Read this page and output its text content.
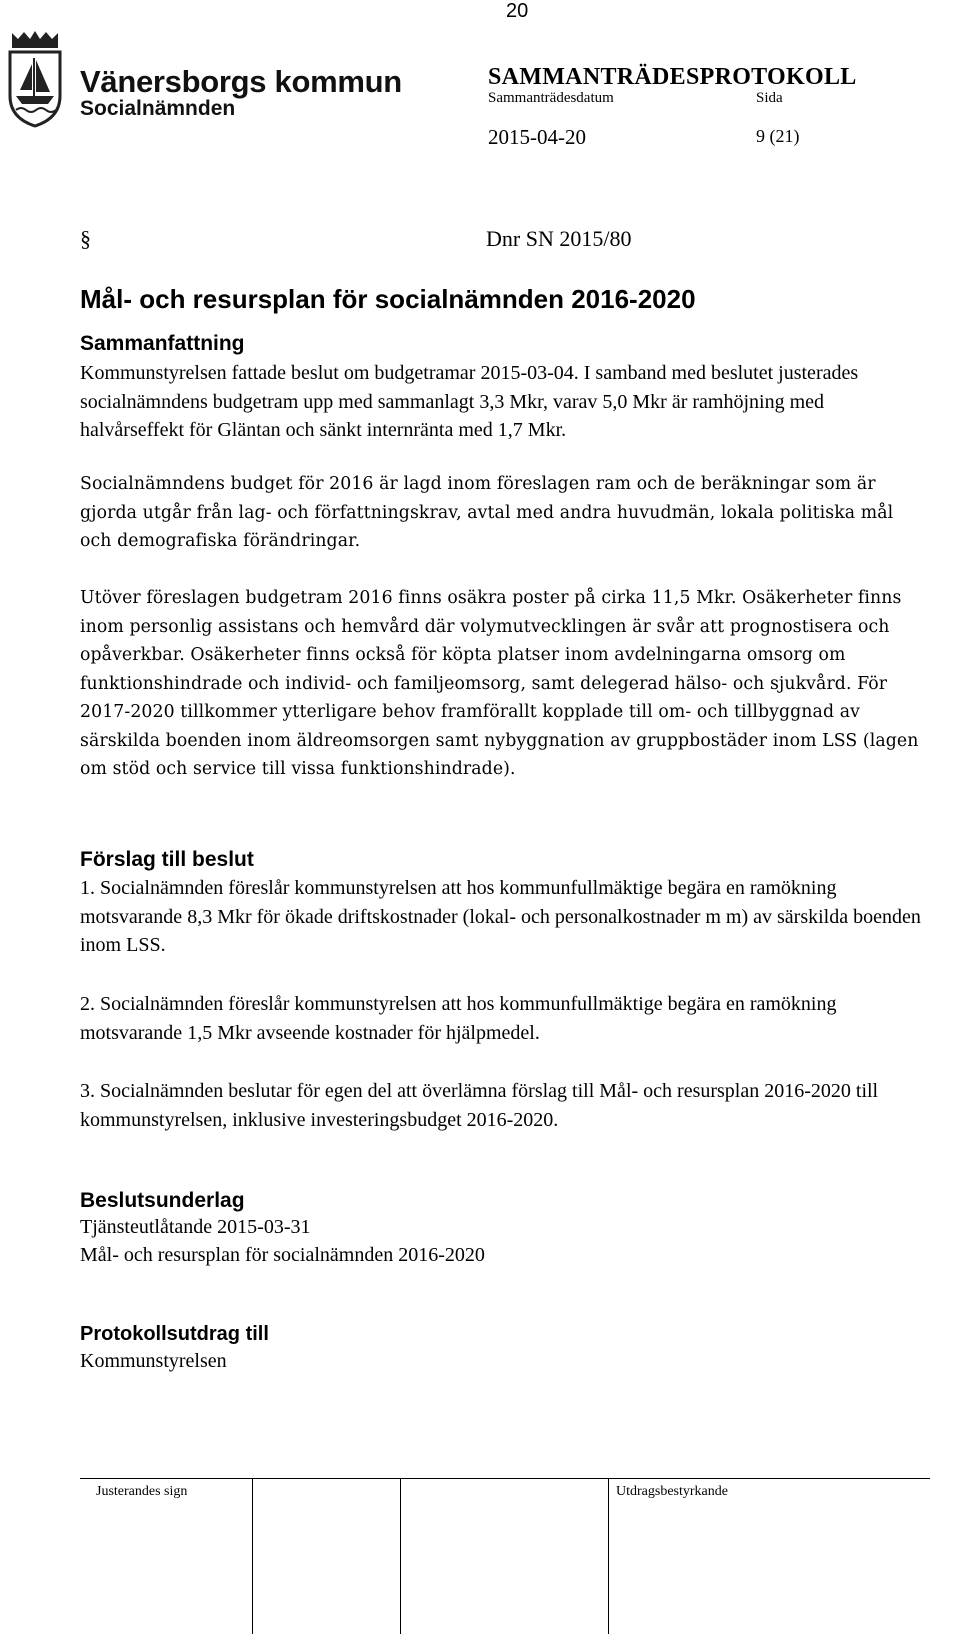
20
Vänersborgs kommun
Socialnämnden
SAMMANTRÄDESPROTOKOLL
Sammanträdesdatum	Sida
2015-04-20	9 (21)
§	Dnr SN 2015/80
Mål- och resursplan för socialnämnden 2016-2020
Sammanfattning
Kommunstyrelsen fattade beslut om budgetramar 2015-03-04. I samband med beslutet justerades socialnämndens budgetram upp med sammanlagt 3,3 Mkr, varav 5,0 Mkr är ramhöjning med halvårseffekt för Gläntan och sänkt internränta med 1,7 Mkr.
Socialnämndens budget för 2016 är lagd inom föreslagen ram och de beräkningar som är gjorda utgår från lag- och författningskrav, avtal med andra huvudmän, lokala politiska mål och demografiska förändringar.
Utöver föreslagen budgetram 2016 finns osäkra poster på cirka 11,5 Mkr. Osäkerheter finns inom personlig assistans och hemvård där volymutvecklingen är svår att prognostisera och opåverkbar. Osäkerheter finns också för köpta platser inom avdelningarna omsorg om funktionshindrade och individ- och familjeomsorg, samt delegerad hälso- och sjukvård. För 2017-2020 tillkommer ytterligare behov framförallt kopplade till om- och tillbyggnad av särskilda boenden inom äldreomsorgen samt nybyggnation av gruppbostäder inom LSS (lagen om stöd och service till vissa funktionshindrade).
Förslag till beslut
1. Socialnämnden föreslår kommunstyrelsen att hos kommunfullmäktige begära en ramökning motsvarande 8,3 Mkr för ökade driftskostnader (lokal- och personalkostnader m m) av särskilda boenden inom LSS.
2. Socialnämnden föreslår kommunstyrelsen att hos kommunfullmäktige begära en ramökning motsvarande 1,5 Mkr avseende kostnader för hjälpmedel.
3. Socialnämnden beslutar för egen del att överlämna förslag till Mål- och resursplan 2016-2020 till kommunstyrelsen, inklusive investeringsbudget 2016-2020.
Beslutsunderlag
Tjänsteutlåtande 2015-03-31
Mål- och resursplan för socialnämnden 2016-2020
Protokollsutdrag till
Kommunstyrelsen
Justerandes sign	Utdragsbestyrkande
